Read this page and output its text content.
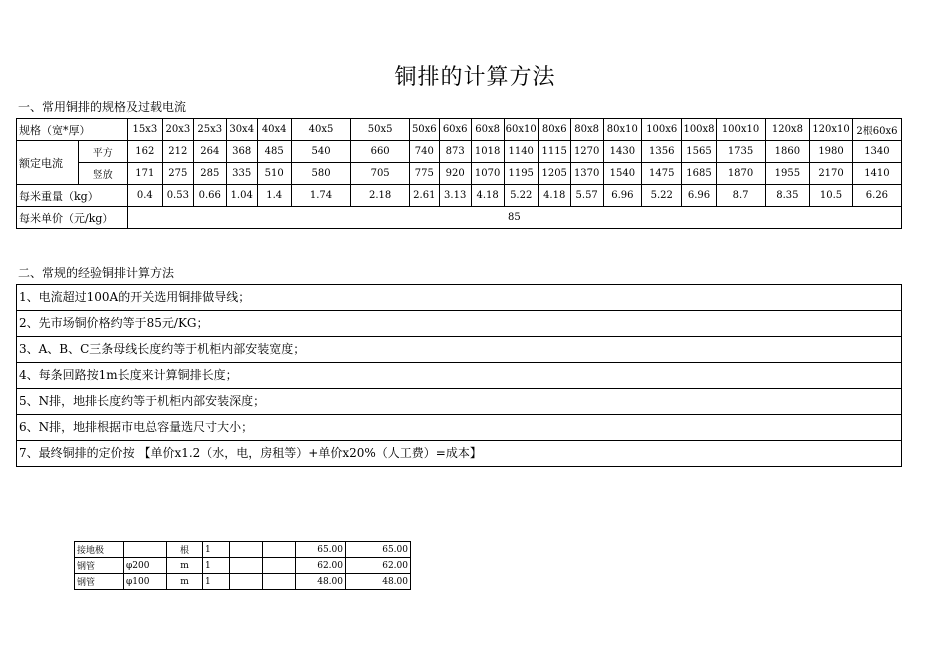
铜排的计算方法
一、常用铜排的规格及过载电流
规格（宽*厚）		15x3	20x3	25x3	30x4	40x4	40x5	50x5	50x6	60x6	60x8	60x10	80x6	80x8	80x10	100x6	100x8	100x10	120x8	120x10	2根60x6
额定电流	平方	162	212	264	368	485	540	660	740	873	1018	1140	1115	1270	1430	1356	1565	1735	1860	1980	1340
	竖放	171	275	285	335	510	580	705	775	920	1070	1195	1205	1370	1540	1475	1685	1870	1955	2170	1410
每米重量（kg）		0.4	0.53	0.66	1.04	1.4	1.74	2.18	2.61	3.13	4.18	5.22	4.18	5.57	6.96	5.22	6.96	8.7	8.35	10.5	6.26
每米单价（元/kg）		85																			
二、常规的经验铜排计算方法
1、电流超过100A的开关选用铜排做导线；
2、先市场铜价格约等于85元/KG；
3、A、B、C三条母线长度约等于机柜内部安装宽度；
4、每条回路按1m长度来计算铜排长度；
5、N排，地排长度约等于机柜内部安装深度；
6、N排，地排根据市电总容量选尺寸大小；
7、最终铜排的定价按 【单价x1.2（水，电，房租等）+单价x20%（人工费）=成本】
接地极		根	1			65.00	65.00
钢管	φ200	m	1			62.00	62.00
钢管	φ100	m	1			48.00	48.00
